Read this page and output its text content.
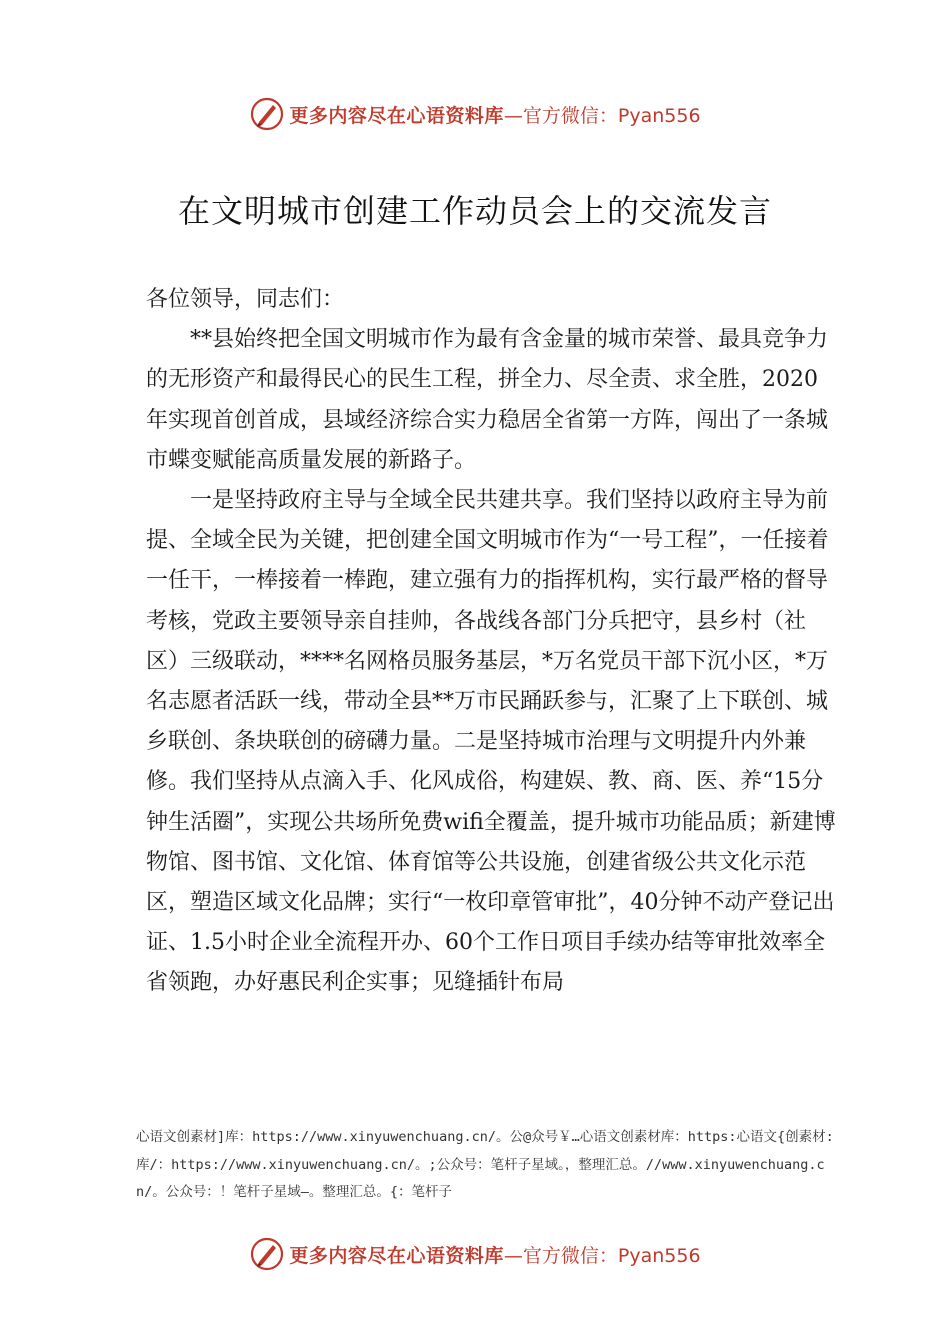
更多内容尽在心语资料库 —官方微信：Pyan556
在文明城市创建工作动员会上的交流发言

各位领导，同志们：

**县始终把全国文明城市作为最有含金量的城市荣誉、最具竞争力的无形资产和最得民心的民生工程，拼全力、尽全责、求全胜，2020年实现首创首成，县域经济综合实力稳居全省第一方阵，闯出了一条城市蝶变赋能高质量发展的新路子。

一是坚持政府主导与全域全民共建共享。我们坚持以政府主导为前提、全域全民为关键，把创建全国文明城市作为“一号工程”，一任接着一任干，一棒接着一棒跑，建立强有力的指挥机构，实行最严格的督导考核，党政主要领导亲自挂帅，各战线各部门分兵把守，县乡村（社区）三级联动，****名网格员服务基层，*万名党员干部下沉小区，*万名志愿者活跃一线，带动全县**万市民踊跃参与，汇聚了上下联创、城乡联创、条块联创的磅礴力量。二是坚持城市治理与文明提升内外兼修。我们坚持从点滴入手、化风成俗，构建娱、教、商、医、养“15分钟生活圈”，实现公共场所免费wifi全覆盖，提升城市功能品质；新建博物馆、图书馆、文化馆、体育馆等公共设施，创建省级公共文化示范区，塑造区域文化品牌；实行“一枚印章管审批”，40分钟不动产登记出证、1.5小时企业全流程开办、60个工作日项目手续办结等审批效率全省领跑，办好惠民利企实事；见缝插针布局

心语文创素材]库：https://www.xinyuwenchuang.cn/。公@众号￥…心语文创素材库：https:心语文{创素材:库/：https://www.xinyuwenchuang.cn/。;公众号：笔杆子星域。，整理汇总。//www.xinyuwenchuang.cn/。公众号：！笔杆子星域—。整理汇总。{：笔杆子
更多内容尽在心语资料库 —官方微信：Pyan556
